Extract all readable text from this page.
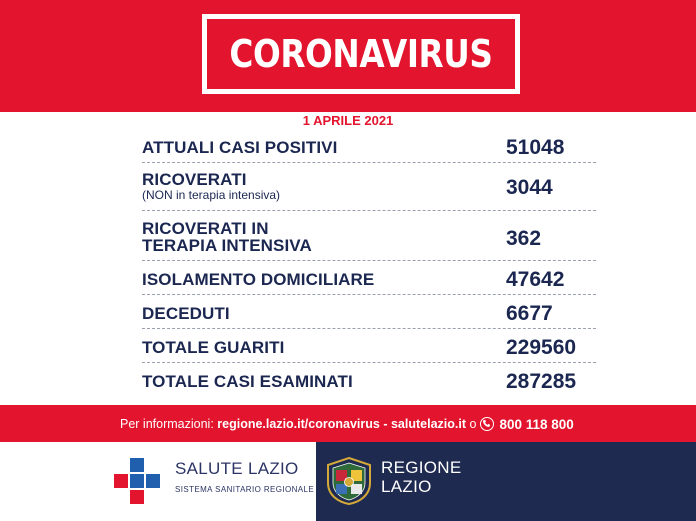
CORONAVIRUS
1 APRILE 2021
ATTUALI CASI POSITIVI	51048
RICOVERATI
(NON in terapia intensiva)	3044
RICOVERATI IN
TERAPIA INTENSIVA	362
ISOLAMENTO DOMICILIARE	47642
DECEDUTI	6677
TOTALE GUARITI	229560
TOTALE CASI ESAMINATI	287285
Per informazioni:
regione.lazio.it/coronavirus
-
salutelazio.it
o 800 118 800
SALUTE LAZIO
SISTEMA SANITARIO REGIONALE
REGIONE
LAZIO
